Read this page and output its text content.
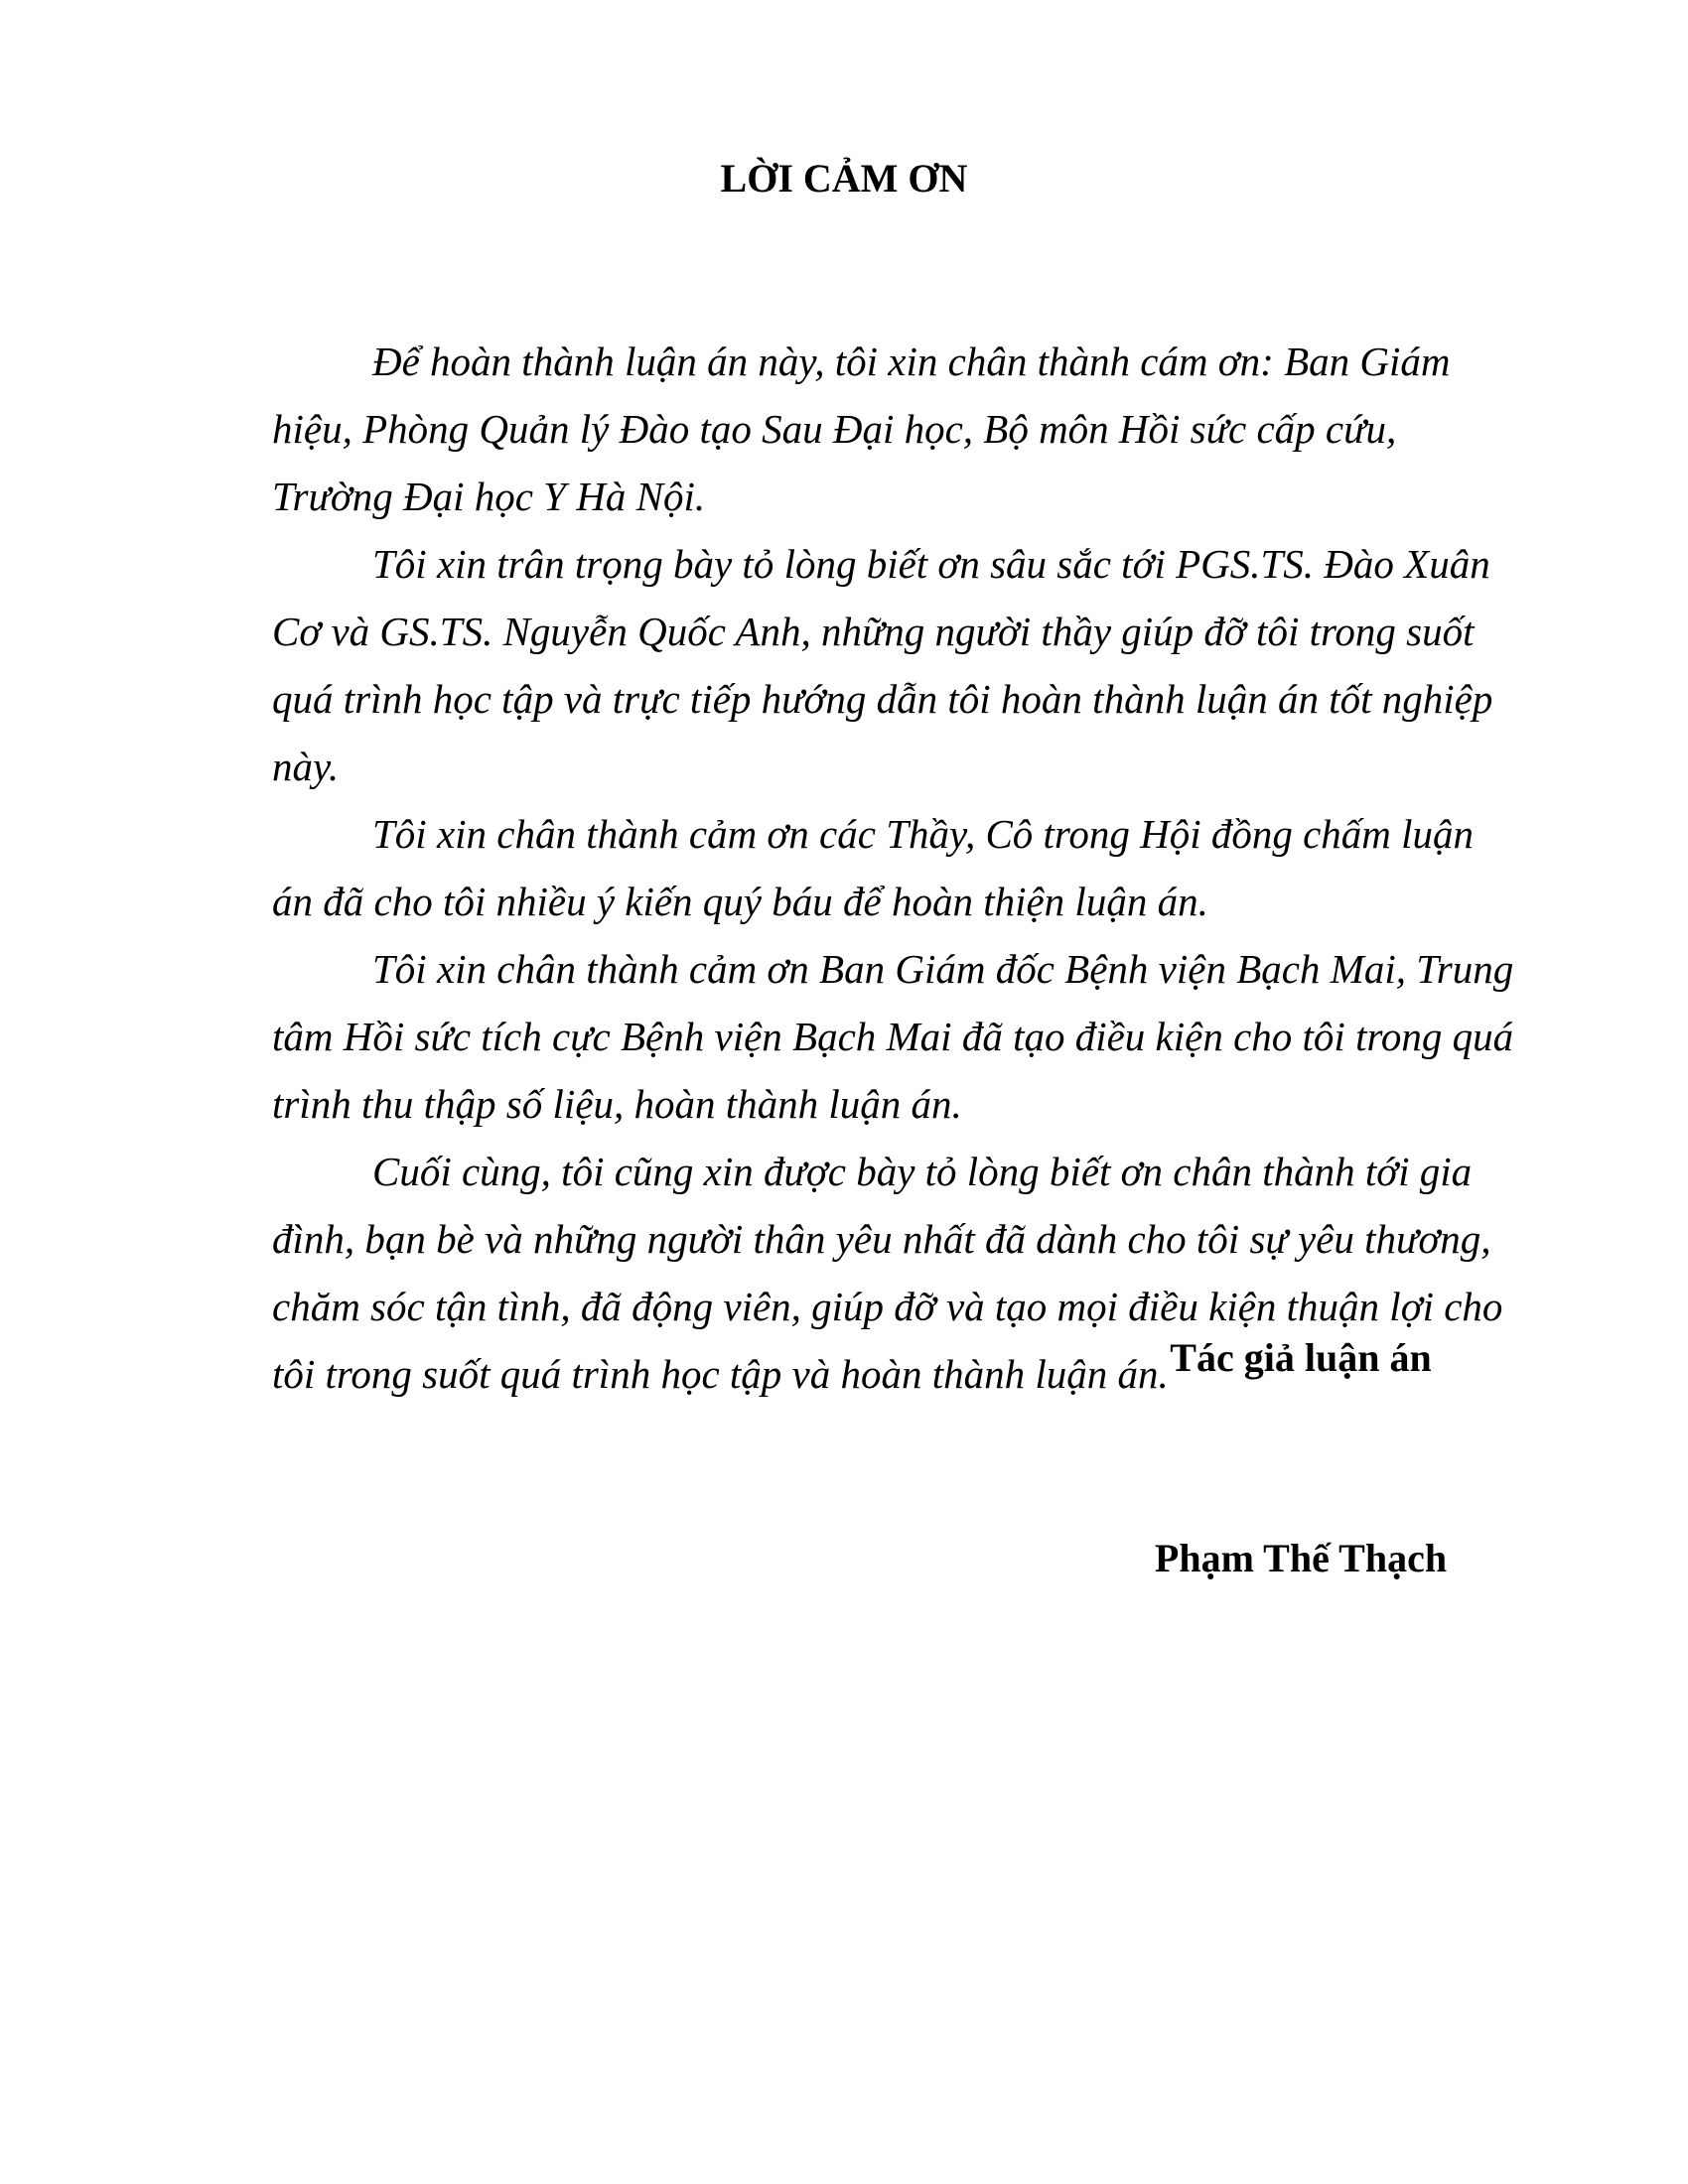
LỜI CẢM ƠN

Để hoàn thành luận án này, tôi xin chân thành cám ơn: Ban Giám hiệu, Phòng Quản lý Đào tạo Sau Đại học, Bộ môn Hồi sức cấp cứu, Trường Đại học Y Hà Nội.

Tôi xin trân trọng bày tỏ lòng biết ơn sâu sắc tới PGS.TS. Đào Xuân Cơ và GS.TS. Nguyễn Quốc Anh, những người thầy giúp đỡ tôi trong suốt quá trình học tập và trực tiếp hướng dẫn tôi hoàn thành luận án tốt nghiệp này.

Tôi xin chân thành cảm ơn các Thầy, Cô trong Hội đồng chấm luận án đã cho tôi nhiều ý kiến quý báu để hoàn thiện luận án.

Tôi xin chân thành cảm ơn Ban Giám đốc Bệnh viện Bạch Mai, Trung tâm Hồi sức tích cực Bệnh viện Bạch Mai đã tạo điều kiện cho tôi trong quá trình thu thập số liệu, hoàn thành luận án.

Cuối cùng, tôi cũng xin được bày tỏ lòng biết ơn chân thành tới gia đình, bạn bè và những người thân yêu nhất đã dành cho tôi sự yêu thương, chăm sóc tận tình, đã động viên, giúp đỡ và tạo mọi điều kiện thuận lợi cho tôi trong suốt quá trình học tập và hoàn thành luận án. Tác giả luận án
Phạm Thế Thạch
